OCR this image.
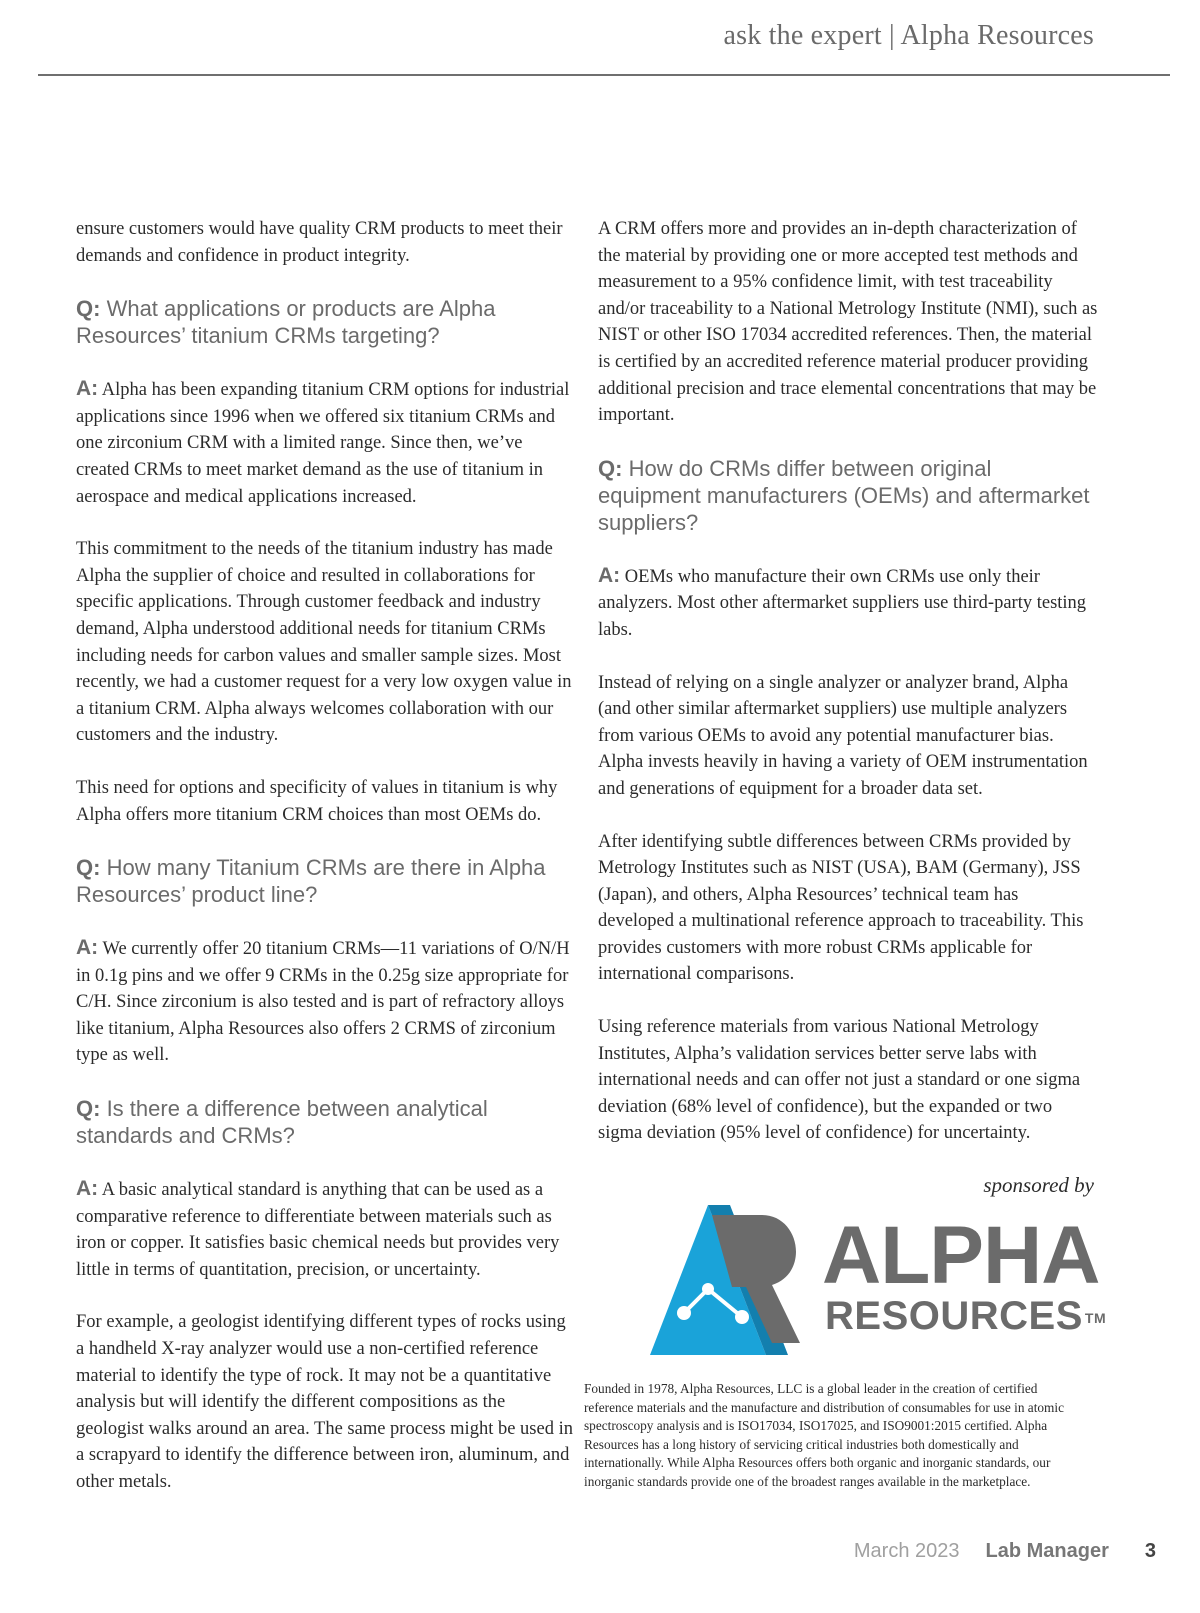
ask the expert | Alpha Resources

ensure customers would have quality CRM products to meet their demands and confidence in product integrity.

Q: What applications or products are Alpha Resources’ titanium CRMs targeting?

A: Alpha has been expanding titanium CRM options for industrial applications since 1996 when we offered six titanium CRMs and one zirconium CRM with a limited range. Since then, we’ve created CRMs to meet market demand as the use of titanium in aerospace and medical applications increased.

This commitment to the needs of the titanium industry has made Alpha the supplier of choice and resulted in collaborations for specific applications. Through customer feedback and industry demand, Alpha understood additional needs for titanium CRMs including needs for carbon values and smaller sample sizes. Most recently, we had a customer request for a very low oxygen value in a titanium CRM. Alpha always welcomes collaboration with our customers and the industry.

This need for options and specificity of values in titanium is why Alpha offers more titanium CRM choices than most OEMs do.

Q: How many Titanium CRMs are there in Alpha Resources’ product line?

A: We currently offer 20 titanium CRMs—11 variations of O/N/H in 0.1g pins and we offer 9 CRMs in the 0.25g size appropriate for C/H. Since zirconium is also tested and is part of refractory alloys like titanium, Alpha Resources also offers 2 CRMS of zirconium type as well.

Q: Is there a difference between analytical standards and CRMs?

A: A basic analytical standard is anything that can be used as a comparative reference to differentiate between materials such as iron or copper. It satisfies basic chemical needs but provides very little in terms of quantitation, precision, or uncertainty.

For example, a geologist identifying different types of rocks using a handheld X-ray analyzer would use a non-certified reference material to identify the type of rock. It may not be a quantitative analysis but will identify the different compositions as the geologist walks around an area. The same process might be used in a scrapyard to identify the difference between iron, aluminum, and other metals.

A CRM offers more and provides an in-depth characterization of the material by providing one or more accepted test methods and measurement to a 95% confidence limit, with test traceability and/or traceability to a National Metrology Institute (NMI), such as NIST or other ISO 17034 accredited references. Then, the material is certified by an accredited reference material producer providing additional precision and trace elemental concentrations that may be important.

Q: How do CRMs differ between original equipment manufacturers (OEMs) and aftermarket suppliers?

A: OEMs who manufacture their own CRMs use only their analyzers. Most other aftermarket suppliers use third-party testing labs.

Instead of relying on a single analyzer or analyzer brand, Alpha (and other similar aftermarket suppliers) use multiple analyzers from various OEMs to avoid any potential manufacturer bias. Alpha invests heavily in having a variety of OEM instrumentation and generations of equipment for a broader data set.

After identifying subtle differences between CRMs provided by Metrology Institutes such as NIST (USA), BAM (Germany), JSS (Japan), and others, Alpha Resources’ technical team has developed a multinational reference approach to traceability. This provides customers with more robust CRMs applicable for international comparisons.

Using reference materials from various National Metrology Institutes, Alpha’s validation services better serve labs with international needs and can offer not just a standard or one sigma deviation (68% level of confidence), but the expanded or two sigma deviation (95% level of confidence) for uncertainty.

sponsored by
ALPHA
RESOURCES ™
Founded in 1978, Alpha Resources, LLC is a global leader in the creation of certified reference materials and the manufacture and distribution of consumables for use in atomic spectroscopy analysis and is ISO17034, ISO17025, and ISO9001:2015 certified. Alpha Resources has a long history of servicing critical industries both domestically and internationally. While Alpha Resources offers both organic and inorganic standards, our inorganic standards provide one of the broadest ranges available in the marketplace.
March 2023 Lab Manager 3
